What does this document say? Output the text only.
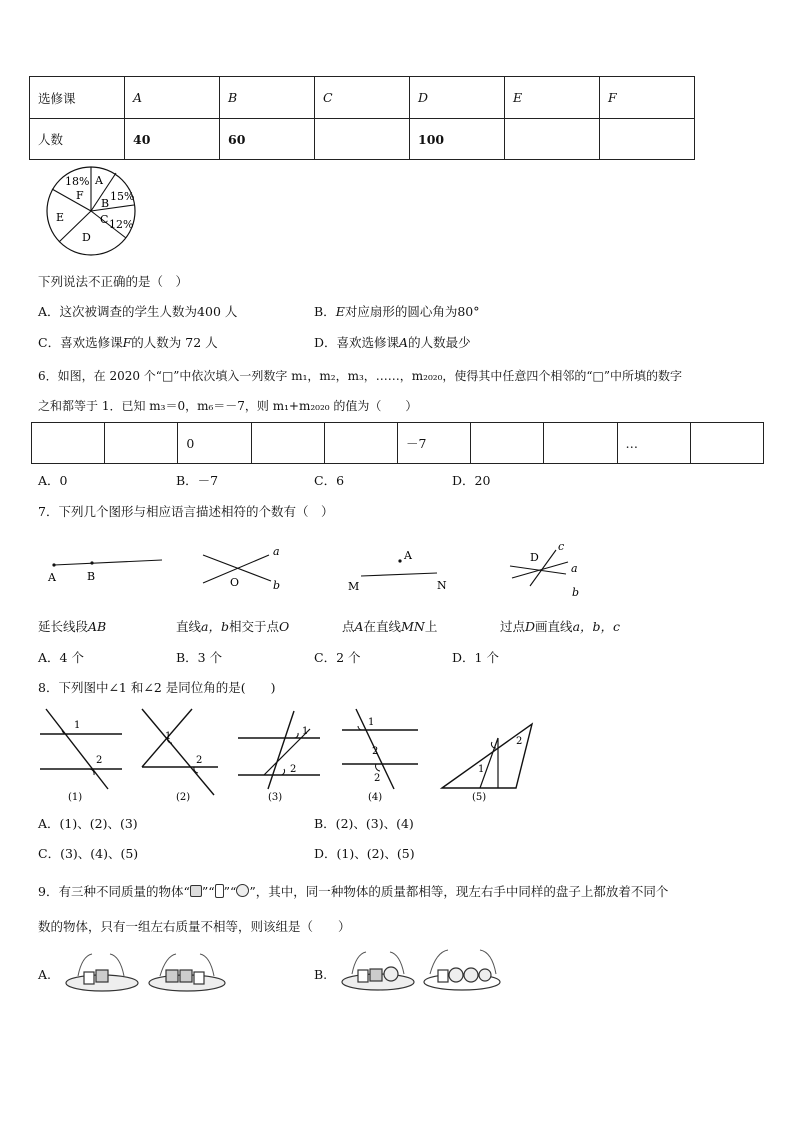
选修课	A	B	C	D	E	F
人数	40	60		100		
18%
F
A
B
15%
C 12%
E
D
下列说法不正确的是（　）
A．这次被调查的学生人数为400 人	B．E对应扇形的圆心角为80°
C．喜欢选修课F的人数为 72 人	D．喜欢选修课A的人数最少
6．如图，在 2020 个“□”中依次填入一列数字 m₁，m₂，m₃，……，m₂₀₂₀，使得其中任意四个相邻的“□”中所填的数字
之和都等于 1．已知 m₃＝0，m₆＝－7，则 m₁+m₂₀₂₀ 的值为（　　）
		0			－7			…	
A．0	B．－7	C．6	D．20
7．下列几个图形与相应语言描述相符的个数有（　）
A	B
a
b
O
A
M	N
D
c
a
b
延长线段AB	直线a，b相交于点O	点A在直线MN上	过点D画直线a，b，c
A．4 个	B．3 个	C．2 个	D．1 个
8．下列图中∠1 和∠2 是同位角的是(　　)
1
2
(1)
1
2
(2)
1
2
(3)
1
2
2
(4)
1
2
(5)
A．(1)、(2)、(3)	B．(2)、(3)、(4)
C．(3)、(4)、(5)	D．(1)、(2)、(5)
9．有三种不同质量的物体“ ”“ ”“ ”，其中，同一种物体的质量都相等，现左右手中同样的盘子上都放着不同个
数的物体，只有一组左右质量不相等，则该组是（　　）
A.	B.
